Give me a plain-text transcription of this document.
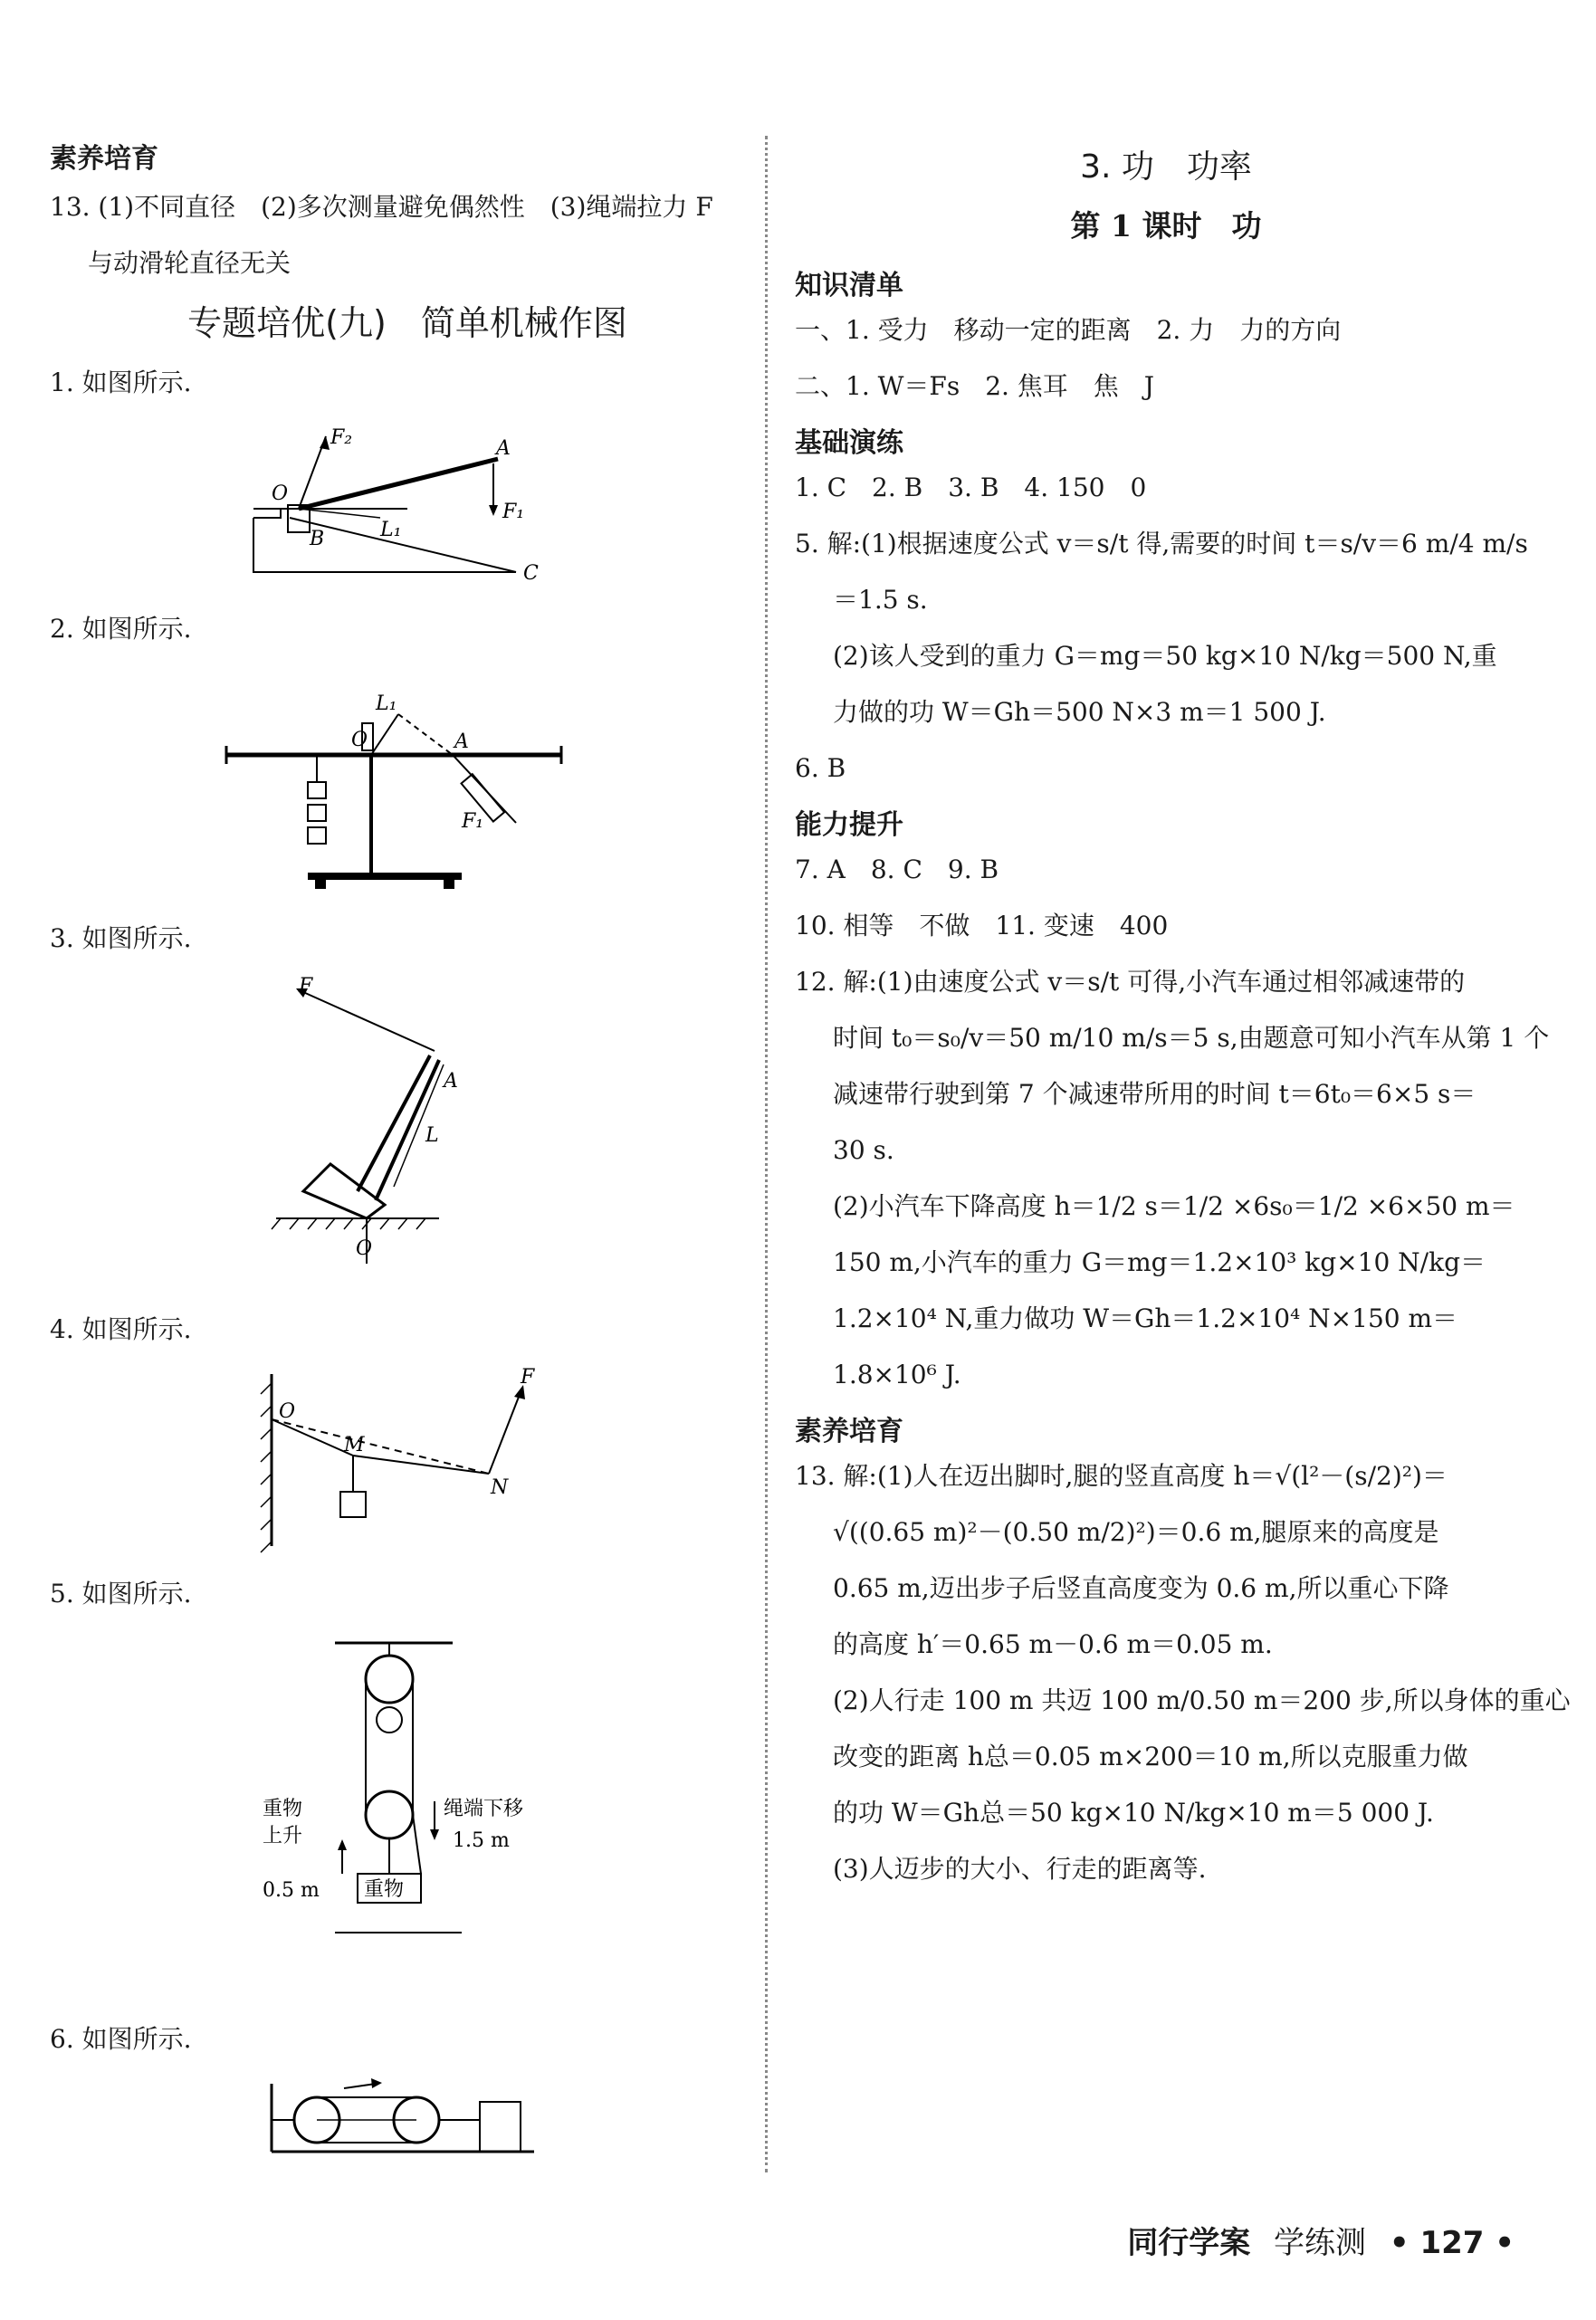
素养培育

13. (1)不同直径　(2)多次测量避免偶然性　(3)绳端拉力 F
与动滑轮直径无关
专题培优(九)　简单机械作图
1. 如图所示.
F₂	A
O
B	L₁
F₁
C
2. 如图所示.
L₁
O	A
F₁
3. 如图所示.
F
A
L
O
4. 如图所示.
F
O
M
N
5. 如图所示.
重物
重物
上升
0.5 m
绳端下移
1.5 m
6. 如图所示.
3. 功　功率
第 1 课时　功

知识清单

一、1. 受力　移动一定的距离　2. 力　力的方向
二、1. W＝Fs　2. 焦耳　焦　J

基础演练

1. C　2. B　3. B　4. 150　0
5. 解:(1)根据速度公式 v＝s/t 得,需要的时间 t＝s/v＝6 m/4 m/s
＝1.5 s.
(2)该人受到的重力 G＝mg＝50 kg×10 N/kg＝500 N,重
力做的功 W＝Gh＝500 N×3 m＝1 500 J.
6. B

能力提升

7. A　8. C　9. B
10. 相等　不做　11. 变速　400
12. 解:(1)由速度公式 v＝s/t 可得,小汽车通过相邻减速带的
时间 t₀＝s₀/v＝50 m/10 m/s＝5 s,由题意可知小汽车从第 1 个
减速带行驶到第 7 个减速带所用的时间 t＝6t₀＝6×5 s＝
30 s.
(2)小汽车下降高度 h＝1/2 s＝1/2 ×6s₀＝1/2 ×6×50 m＝
150 m,小汽车的重力 G＝mg＝1.2×10³ kg×10 N/kg＝
1.2×10⁴ N,重力做功 W＝Gh＝1.2×10⁴ N×150 m＝
1.8×10⁶ J.

素养培育

13. 解:(1)人在迈出脚时,腿的竖直高度 h＝√(l²－(s/2)²)＝
√((0.65 m)²－(0.50 m/2)²)＝0.6 m,腿原来的高度是
0.65 m,迈出步子后竖直高度变为 0.6 m,所以重心下降
的高度 h′＝0.65 m－0.6 m＝0.05 m.
(2)人行走 100 m 共迈 100 m/0.50 m＝200 步,所以身体的重心
改变的距离 h总＝0.05 m×200＝10 m,所以克服重力做
的功 W＝Gh总＝50 kg×10 N/kg×10 m＝5 000 J.
(3)人迈步的大小、行走的距离等.
同行学案 学练测 • 127 •
